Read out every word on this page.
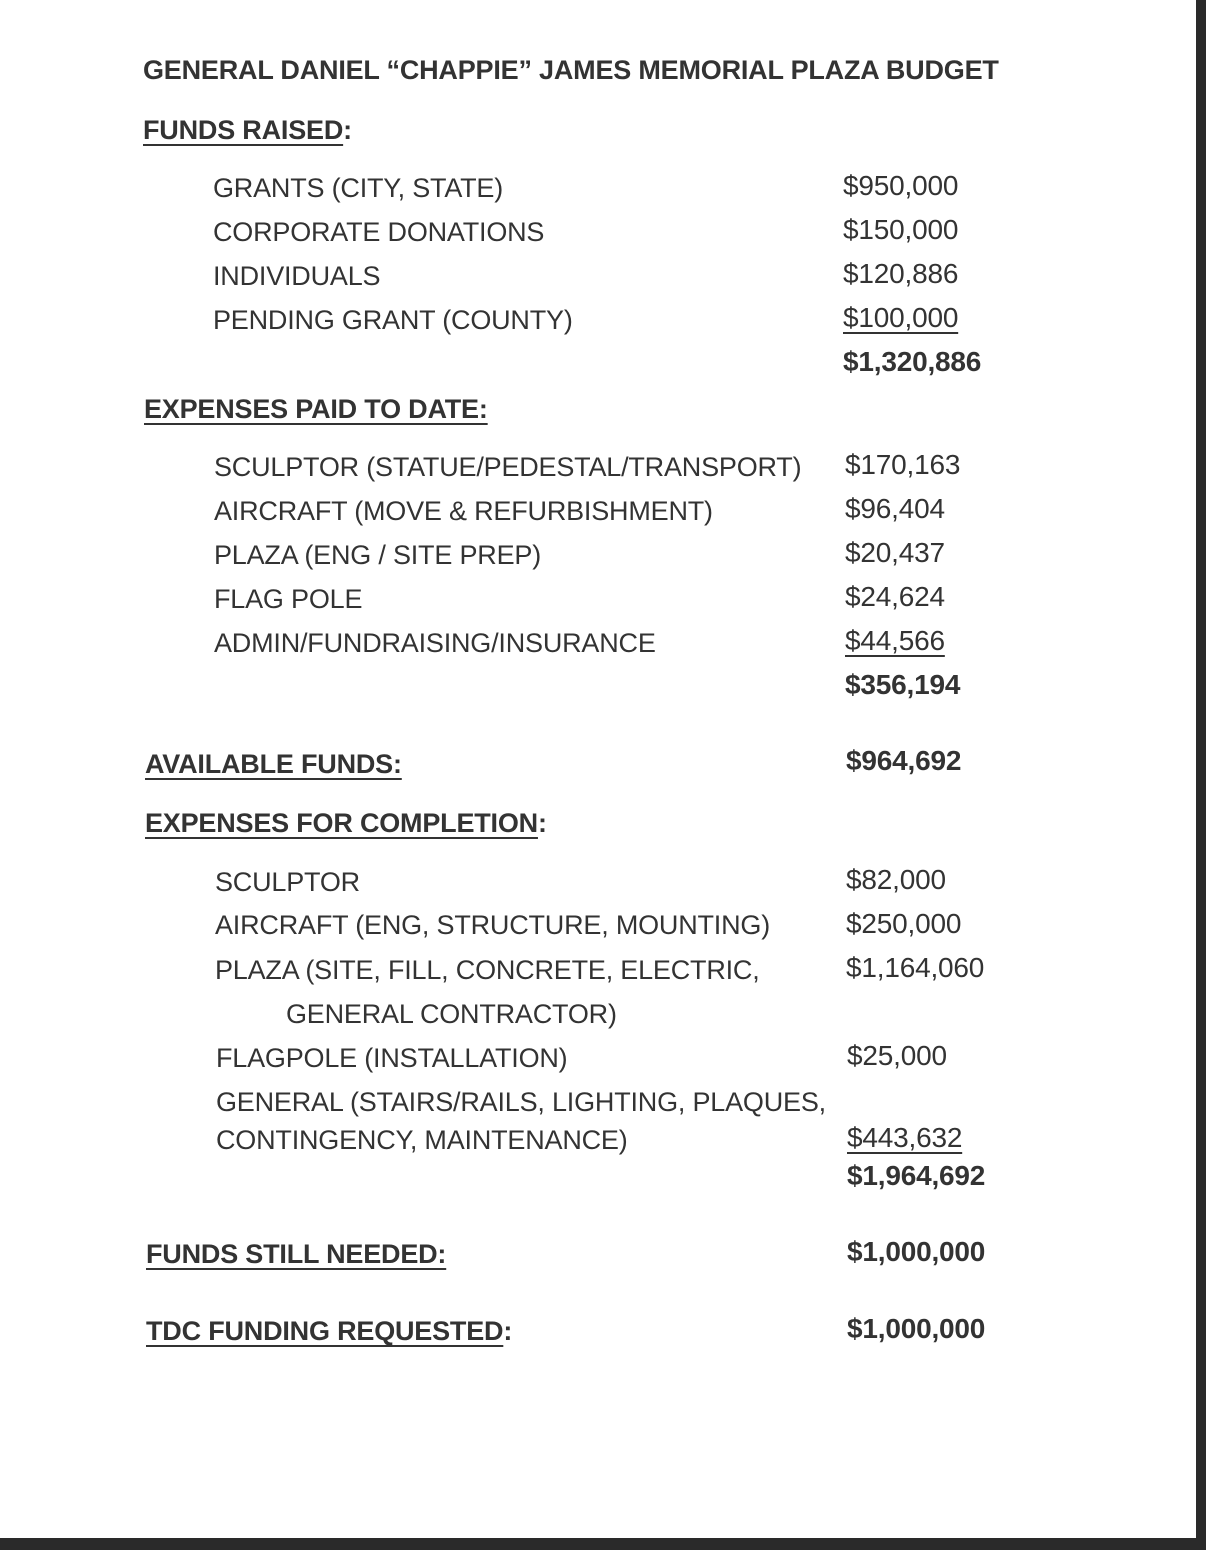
GENERAL DANIEL “CHAPPIE” JAMES MEMORIAL PLAZA BUDGET
FUNDS RAISED:
GRANTS (CITY, STATE)	$950,000
CORPORATE DONATIONS	$150,000
INDIVIDUALS	$120,886
PENDING GRANT (COUNTY)	$100,000
$1,320,886
EXPENSES PAID TO DATE:
SCULPTOR (STATUE/PEDESTAL/TRANSPORT) $170,163
AIRCRAFT (MOVE & REFURBISHMENT)	$96,404
PLAZA (ENG / SITE PREP)	$20,437
FLAG POLE	$24,624
ADMIN/FUNDRAISING/INSURANCE	$44,566
$356,194
AVAILABLE FUNDS:	$964,692
EXPENSES FOR COMPLETION:
SCULPTOR	$82,000
AIRCRAFT (ENG, STRUCTURE, MOUNTING)	$250,000
PLAZA (SITE, FILL, CONCRETE, ELECTRIC,	$1,164,060
GENERAL CONTRACTOR)
FLAGPOLE (INSTALLATION)	$25,000
GENERAL (STAIRS/RAILS, LIGHTING, PLAQUES,
CONTINGENCY, MAINTENANCE)	$443,632
$1,964,692
FUNDS STILL NEEDED:	$1,000,000
TDC FUNDING REQUESTED:	$1,000,000
